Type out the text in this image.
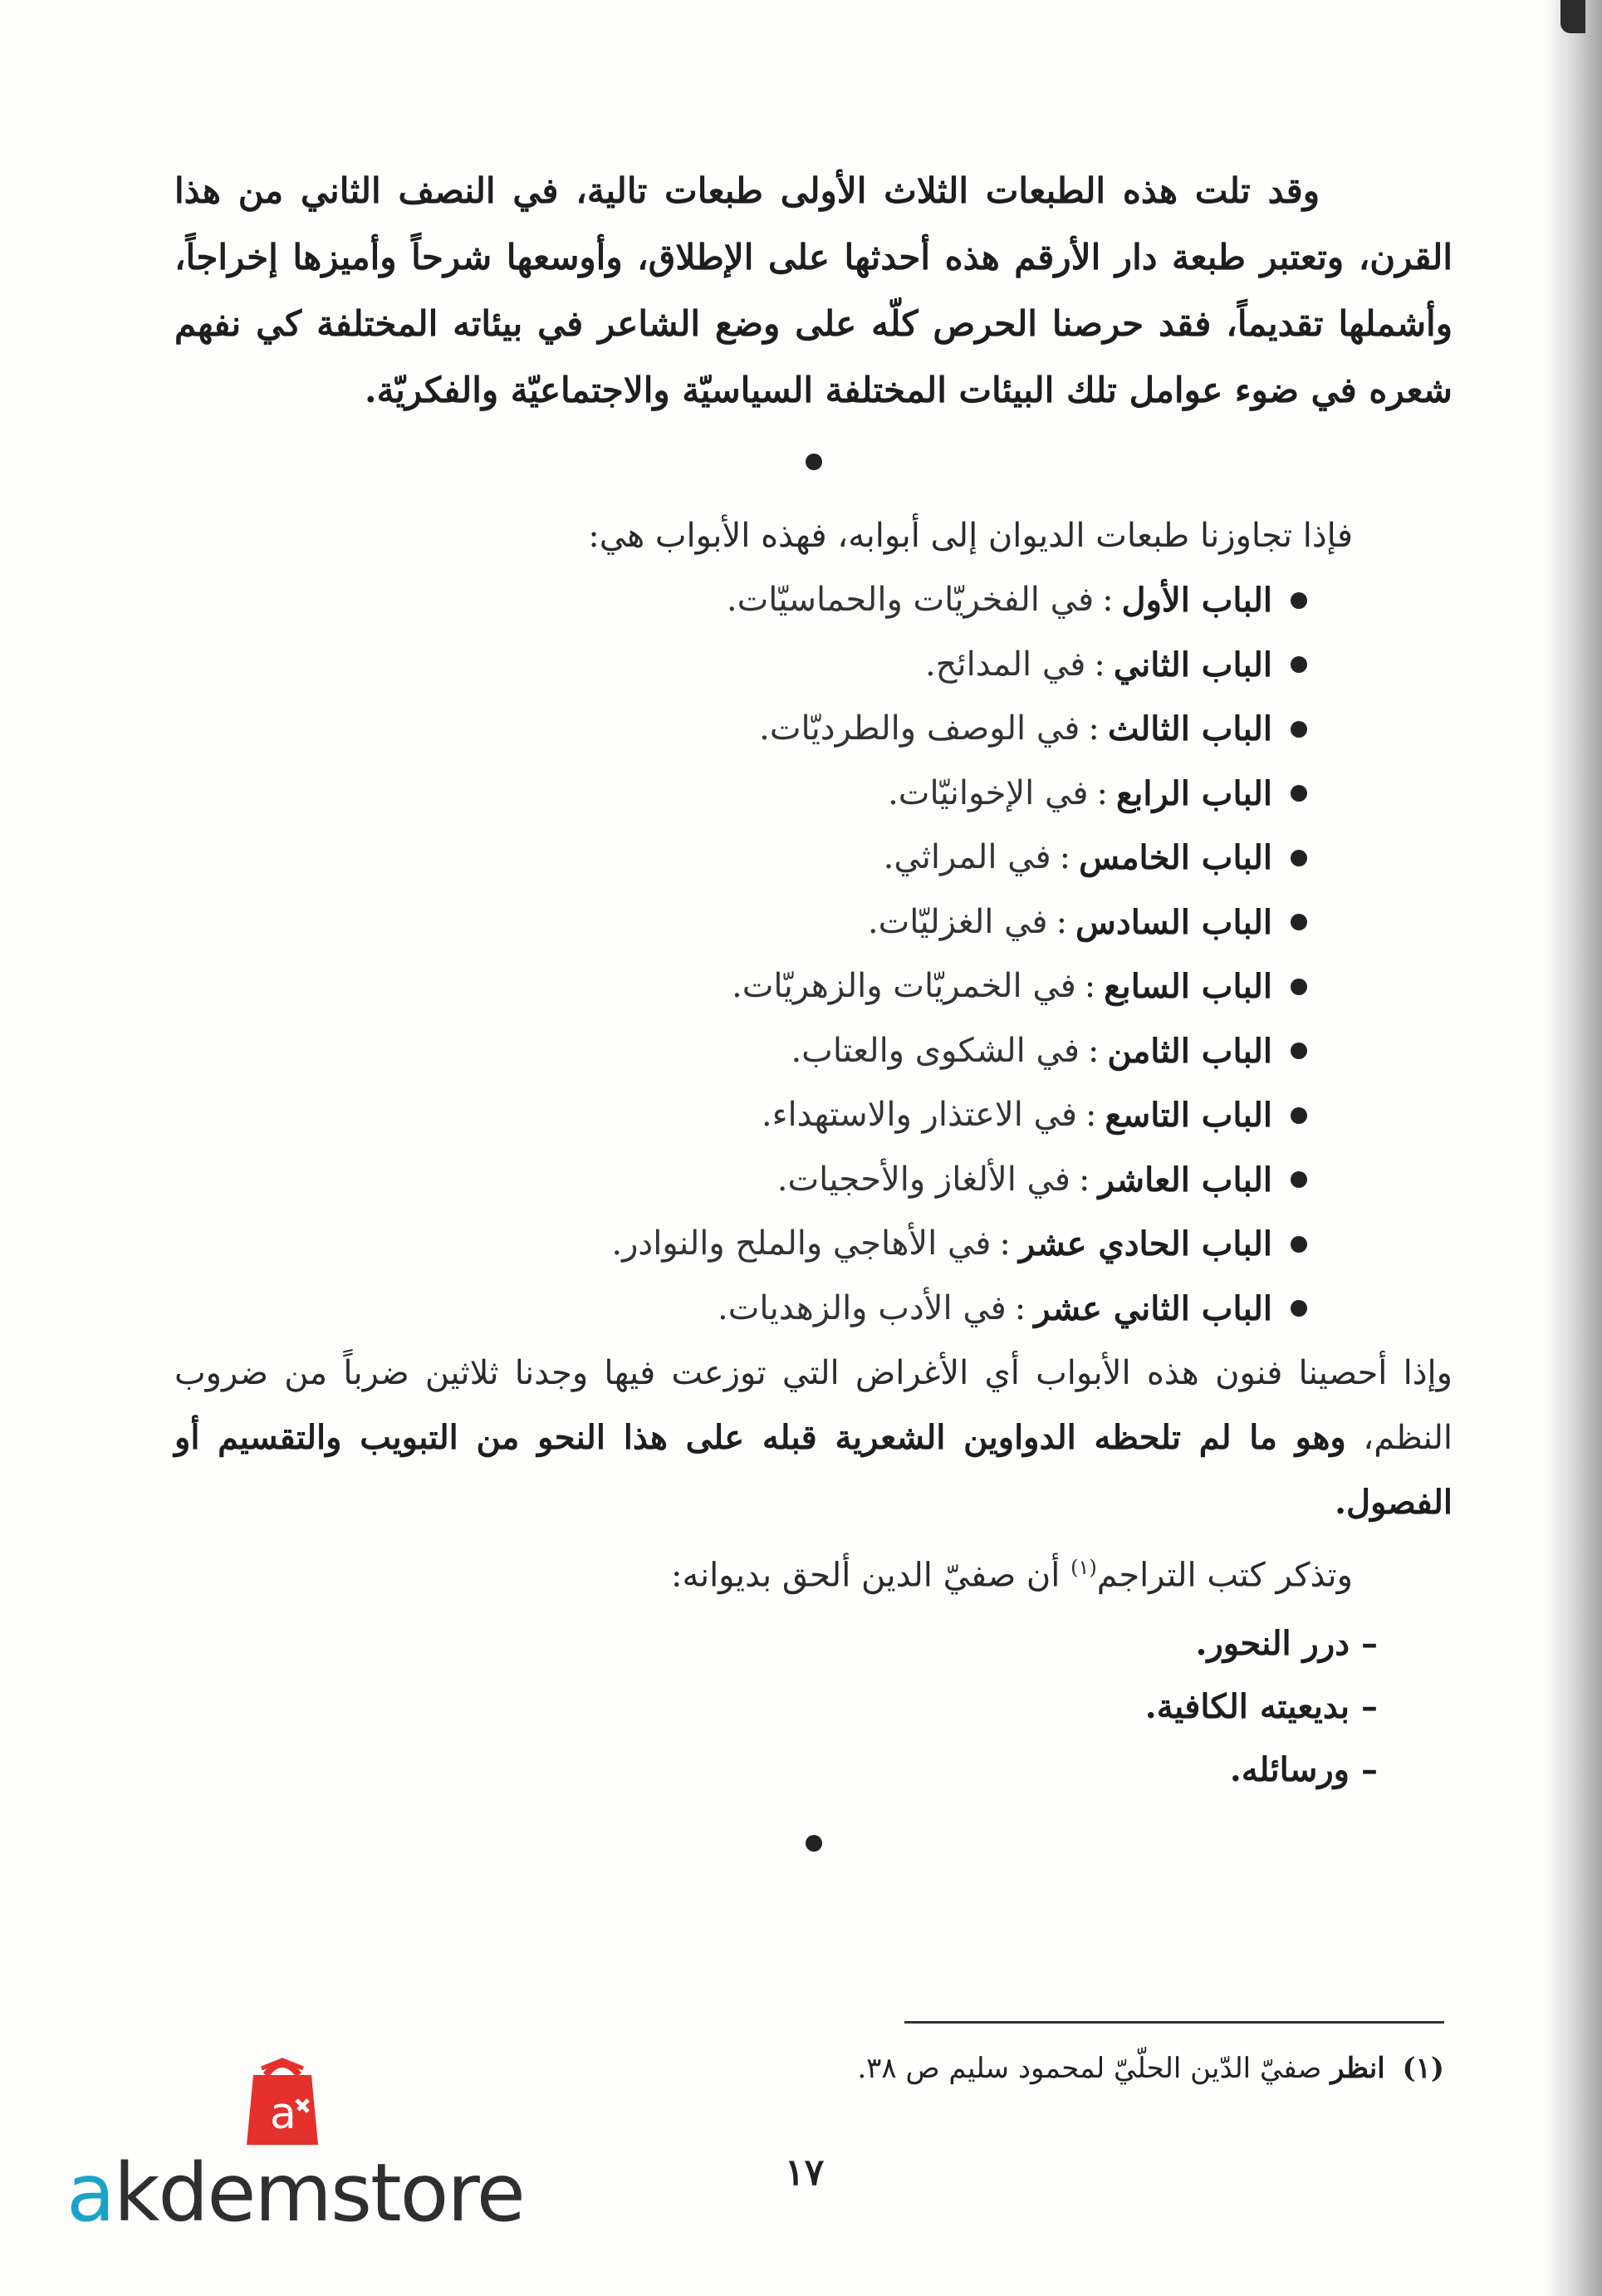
وقد تلت هذه الطبعات الثلاث الأولى طبعات تالية، في النصف الثاني من هذا القرن، وتعتبر طبعة دار الأرقم هذه أحدثها على الإطلاق، وأوسعها شرحاً وأميزها إخراجاً، وأشملها تقديماً، فقد حرصنا الحرص كلّه على وضع الشاعر في بيئاته المختلفة كي نفهم شعره في ضوء عوامل تلك البيئات المختلفة السياسيّة والاجتماعيّة والفكريّة.

فإذا تجاوزنا طبعات الديوان إلى أبوابه، فهذه الأبواب هي:

الباب الأول
:
في الفخريّات والحماسيّات.
الباب الثاني
:
في المدائح.
الباب الثالث
:
في الوصف والطرديّات.
الباب الرابع
:
في الإخوانيّات.
الباب الخامس
:
في المراثي.
الباب السادس
:
في الغزليّات.
الباب السابع
:
في الخمريّات والزهريّات.
الباب الثامن
:
في الشكوى والعتاب.
الباب التاسع
:
في الاعتذار والاستهداء.
الباب العاشر
:
في الألغاز والأحجيات.
الباب الحادي عشر
:
في الأهاجي والملح والنوادر.
الباب الثاني عشر
:
في الأدب والزهديات.

وإذا أحصينا فنون هذه الأبواب أي الأغراض التي توزعت فيها وجدنا ثلاثين ضرباً من ضروب النظم، وهو ما لم تلحظه الدواوين الشعرية قبله على هذا النحو من التبويب والتقسيم أو الفصول.

وتذكر كتب التراجم$^{(١)}$ أن صفيّ الدين ألحق بديوانه:

–درر النحور.
–بديعيته الكافية.
–ورسائله.
(١) انظر صفيّ الدّين الحلّيّ لمحمود سليم ص ٣٨.
١٧
a
akdemstore
